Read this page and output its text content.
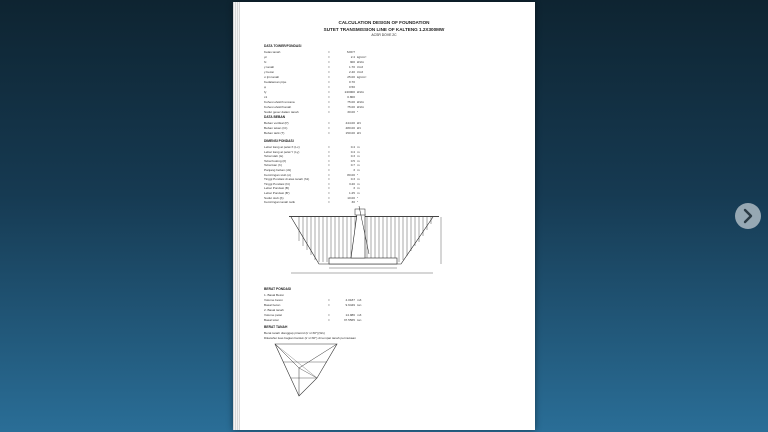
CALCULATION DESIGN OF FOUNDATION
SUTET TRANSMISSION LINE OF KALTENG 1.2X300MW
ACSR DOVE 2C
DATA TOWER/FONDASI
Kelas tanah	=	SOFT
γc	=	2.4 kg/cm³
fc	=	300 kN/m
γ tanah	=	1.70 t/m3
γ beton	=	2.40 t/m3
σ ijin tanah	=	25.00 kg/cm²
Kedalaman pipe	=	0.70
φ	=	0.50
fy	=	240000 kN/m
c1	=	0.800
Kohesi efektif rencana	=	75.00 kN/m
Kohesi efektif tanah	=	75.00 kN/m
Sudut geser dalam tanah	=	30.00 °
DATA BEBAN
Beban vertikal (P)	=	444.00 kN
Beban tekan (Ct)	=	480.00 kN
Beban tarik (T)	=	150.00 kN
DIMENSI PONDASI
Lebar tiang at pelat X (Lx)	=	0.4 m
Lebar tiang at pelat Y (Ly)	=	0.4 m
Tebal slab (ts)	=	0.3 m
Tebal footing (tf)	=	0.5 m
Tebal kan (h)	=	0.7 m
Panjang beban (d1)	=	3 m
Kemiringan stub (α)	=	80.00 °
Tinggi Pondasi di atas tanah (h1)	=	0.3 m
Tinggi Pondasi (ht)	=	3.20 m
Lebar Pondasi (B)	=	3 m
Lebar Pondasi (B')	=	1.25 m
Sudut stub (β)	=	10.00 °
Kemiringan tanah tarik	=	30 °
BERAT PONDASI
1. Basal Beton
Volume beton	=	4.0187 m3
Basal beton	=	9.6449 ton
2. Basal tanah
Volume pelat	=	14.986 m3
Basal total	=	37.5565 ton
BERAT TANAH
Berat tanah dianggap piramid (tr s=30°)(Ws)
Diketahui luas bagian bantuk (tr s=30°) di tempat tanah permukaan
